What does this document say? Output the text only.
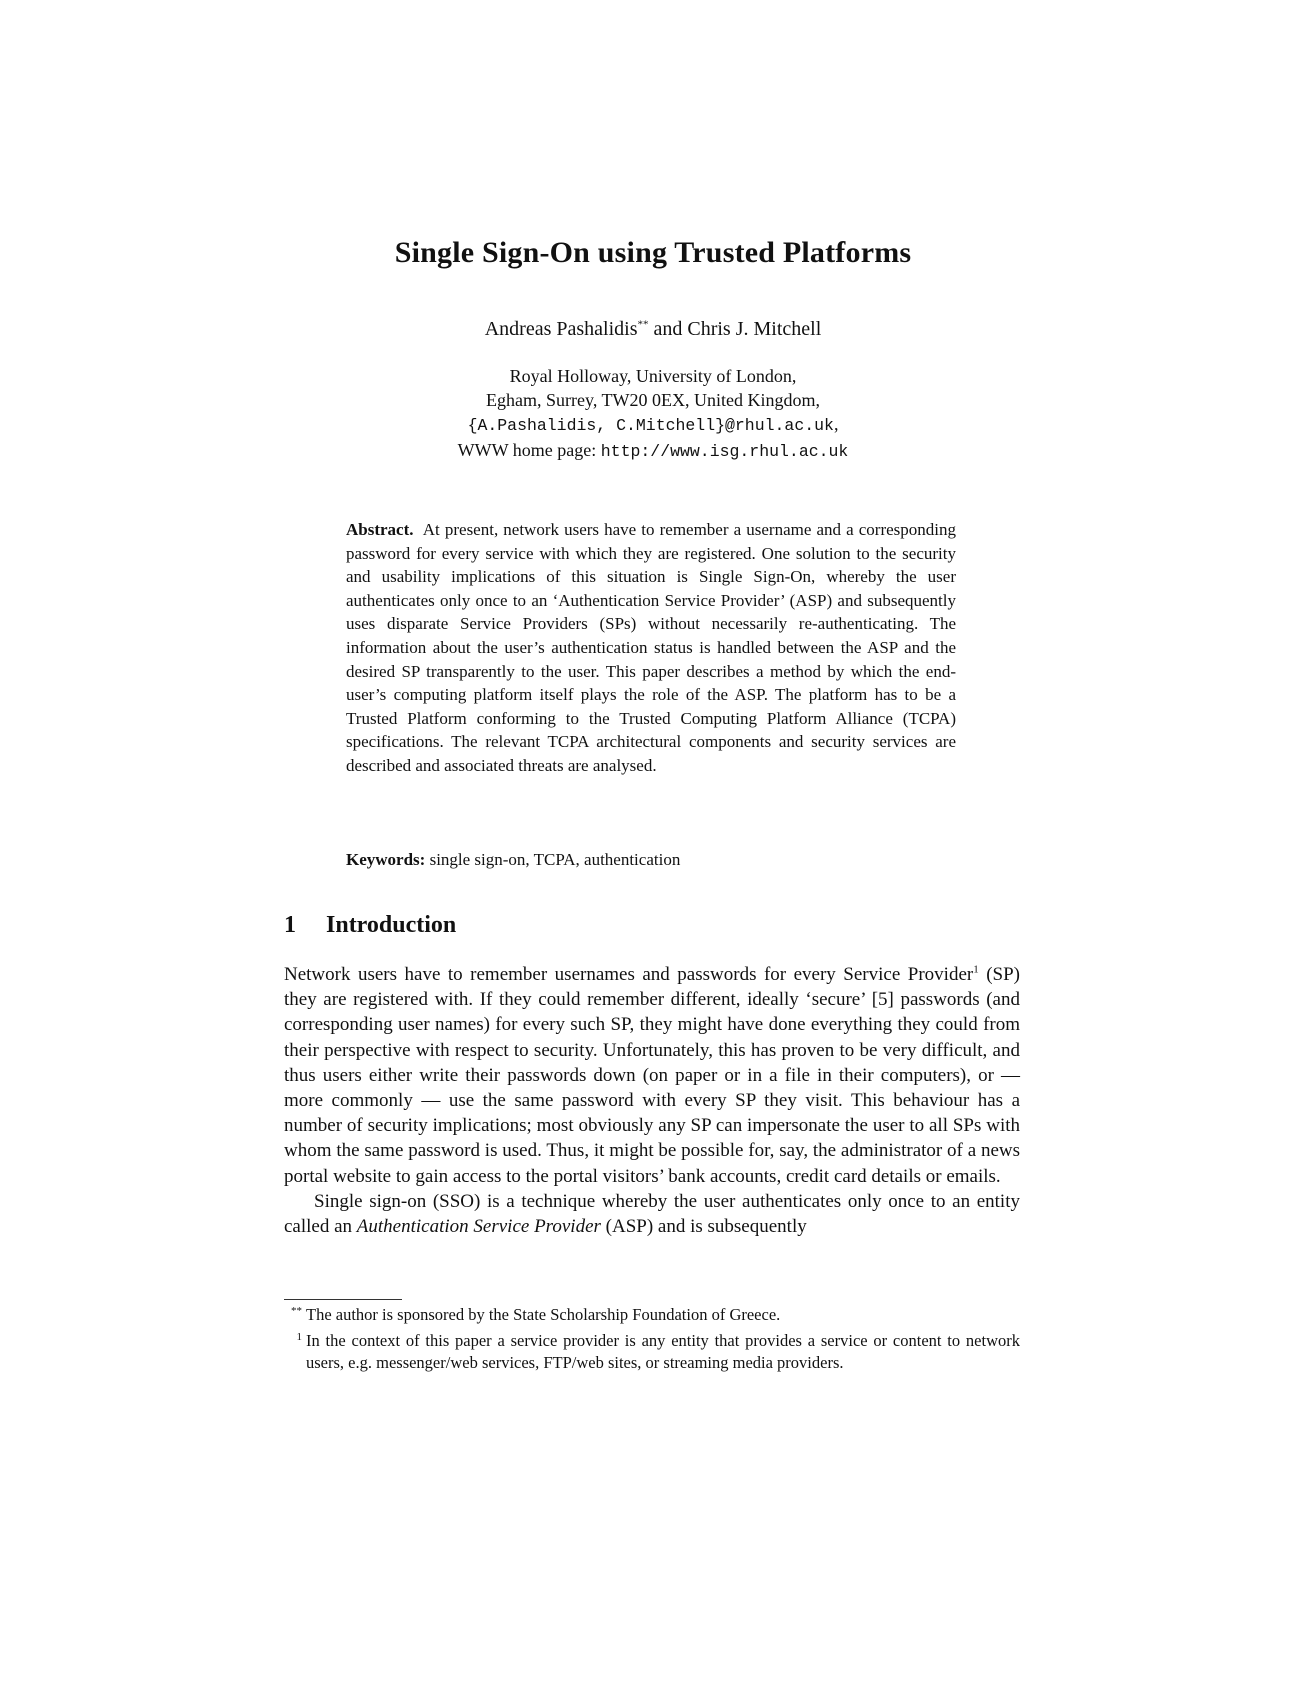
Single Sign-On using Trusted Platforms
Andreas Pashalidis** and Chris J. Mitchell
Royal Holloway, University of London,
Egham, Surrey, TW20 0EX, United Kingdom,
{A.Pashalidis, C.Mitchell}@rhul.ac.uk,
WWW home page: http://www.isg.rhul.ac.uk

Abstract. At present, network users have to remember a username and a corresponding password for every service with which they are registered. One solution to the security and usability implications of this situation is Single Sign-On, whereby the user authenticates only once to an ‘Authentication Service Provider’ (ASP) and subsequently uses disparate Service Providers (SPs) without necessarily re-authenticating. The information about the user’s authentication status is handled between the ASP and the desired SP transparently to the user. This paper describes a method by which the end-user’s computing platform itself plays the role of the ASP. The platform has to be a Trusted Platform conforming to the Trusted Computing Platform Alliance (TCPA) specifications. The relevant TCPA architectural components and security services are described and associated threats are analysed.

Keywords: single sign-on, TCPA, authentication

1 Introduction

Network users have to remember usernames and passwords for every Service Provider$^1$ (SP) they are registered with. If they could remember different, ideally ‘secure’ [5] passwords (and corresponding user names) for every such SP, they might have done everything they could from their perspective with respect to security. Unfortunately, this has proven to be very difficult, and thus users either write their passwords down (on paper or in a file in their computers), or — more commonly — use the same password with every SP they visit. This behaviour has a number of security implications; most obviously any SP can impersonate the user to all SPs with whom the same password is used. Thus, it might be possible for, say, the administrator of a news portal website to gain access to the portal visitors’ bank accounts, credit card details or emails.

Single sign-on (SSO) is a technique whereby the user authenticates only once to an entity called an Authentication Service Provider (ASP) and is subsequently

** The author is sponsored by the State Scholarship Foundation of Greece.
1 In the context of this paper a service provider is any entity that provides a service or content to network users, e.g. messenger/web services, FTP/web sites, or streaming media providers.
